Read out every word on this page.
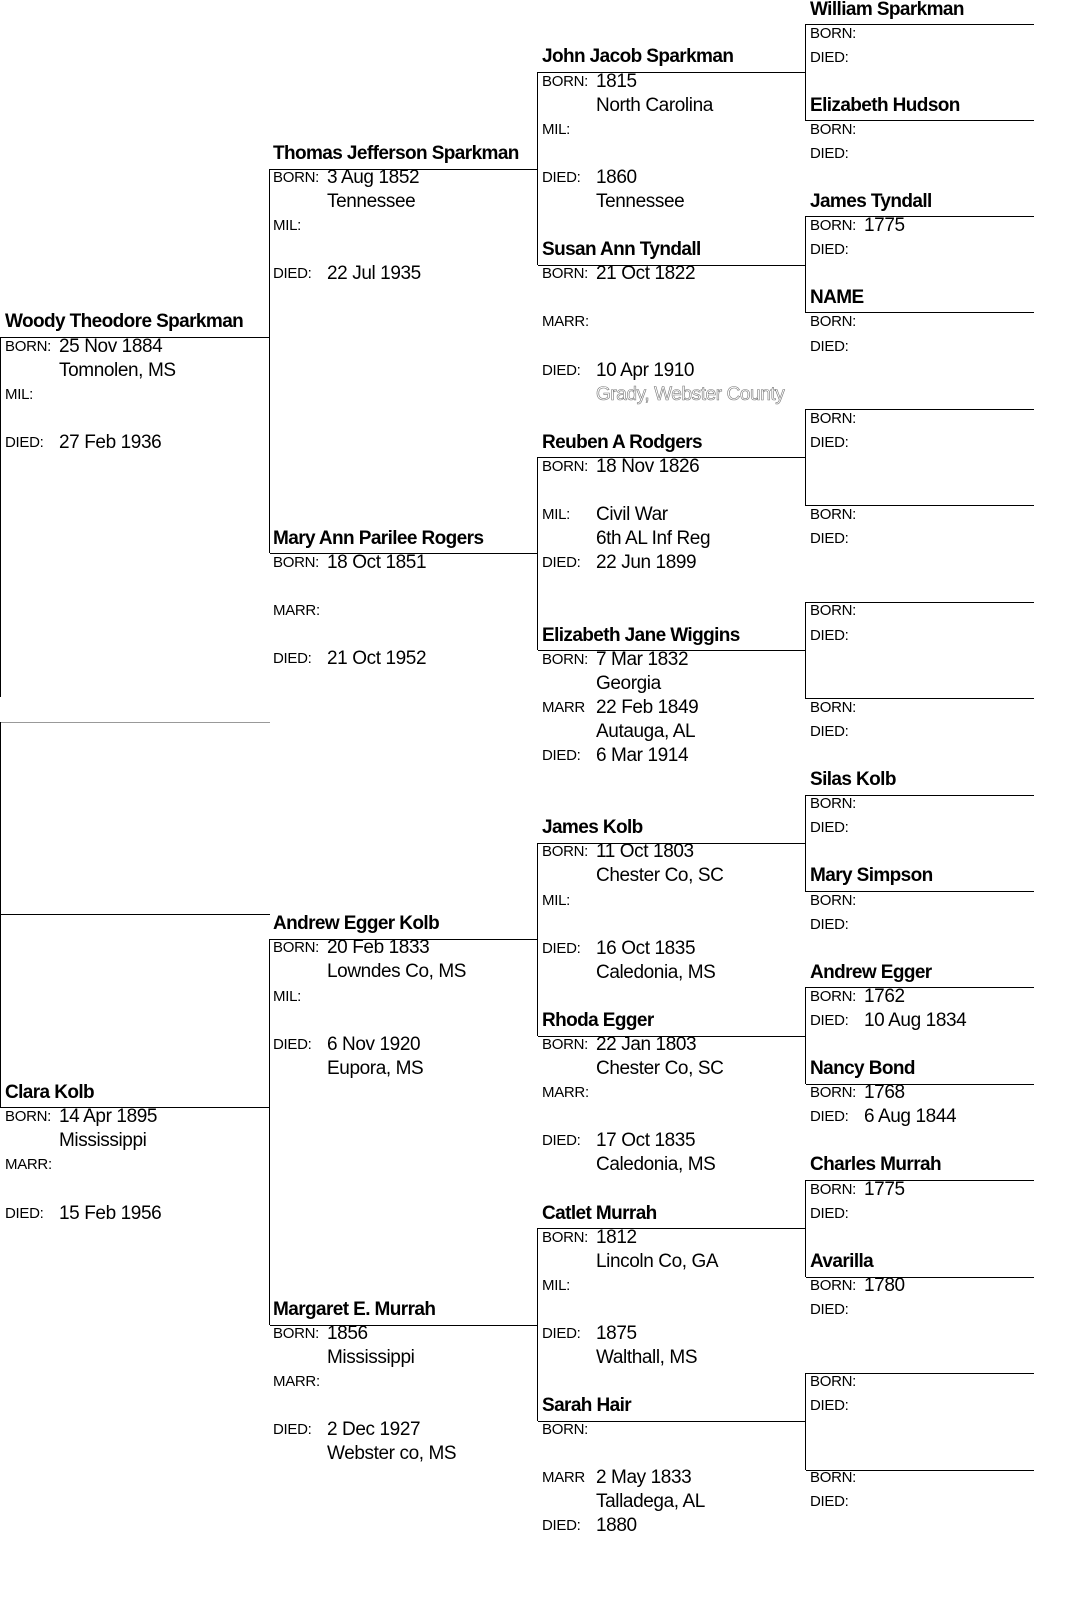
Woody Theodore Sparkman
BORN: 25 Nov 1884
Tomnolen, MS
MIL:
DIED: 27 Feb 1936
Clara Kolb
BORN: 14 Apr 1895
Mississippi
MARR:
DIED: 15 Feb 1956
Thomas Jefferson Sparkman
BORN: 3 Aug 1852
Tennessee
MIL:
DIED: 22 Jul 1935
Mary Ann Parilee Rogers
BORN: 18 Oct 1851
MARR:
DIED: 21 Oct 1952
Andrew Egger Kolb
BORN: 20 Feb 1833
Lowndes Co, MS
MIL:
DIED: 6 Nov 1920
Eupora, MS
Margaret E. Murrah
BORN: 1856
Mississippi
MARR:
DIED: 2 Dec 1927
Webster co, MS
John Jacob Sparkman
BORN: 1815
North Carolina
MIL:
DIED: 1860
Tennessee
Susan Ann Tyndall
BORN: 21 Oct 1822
MARR:
DIED: 10 Apr 1910
Grady, Webster County
Reuben A Rodgers
BORN: 18 Nov 1826
MIL: Civil War
6th AL Inf Reg
DIED: 22 Jun 1899
Elizabeth Jane Wiggins
BORN: 7 Mar 1832
Georgia
MARR 22 Feb 1849
Autauga, AL
DIED: 6 Mar 1914
James Kolb
BORN: 11 Oct 1803
Chester Co, SC
MIL:
DIED: 16 Oct 1835
Caledonia, MS
Rhoda Egger
BORN: 22 Jan 1803
Chester Co, SC
MARR:
DIED: 17 Oct 1835
Caledonia, MS
Catlet Murrah
BORN: 1812
Lincoln Co, GA
MIL:
DIED: 1875
Walthall, MS
Sarah Hair
BORN:
MARR 2 May 1833
Talladega, AL
DIED: 1880
William Sparkman
BORN:
DIED:
Elizabeth Hudson
BORN:
DIED:
James Tyndall
BORN: 1775
DIED:
NAME
BORN:
DIED:
BORN:
DIED:
BORN:
DIED:
BORN:
DIED:
BORN:
DIED:
Silas Kolb
BORN:
DIED:
Mary Simpson
BORN:
DIED:
Andrew Egger
BORN: 1762
DIED: 10 Aug 1834
Nancy Bond
BORN: 1768
DIED: 6 Aug 1844
Charles Murrah
BORN: 1775
DIED:
Avarilla
BORN: 1780
DIED:
BORN:
DIED:
BORN:
DIED:
